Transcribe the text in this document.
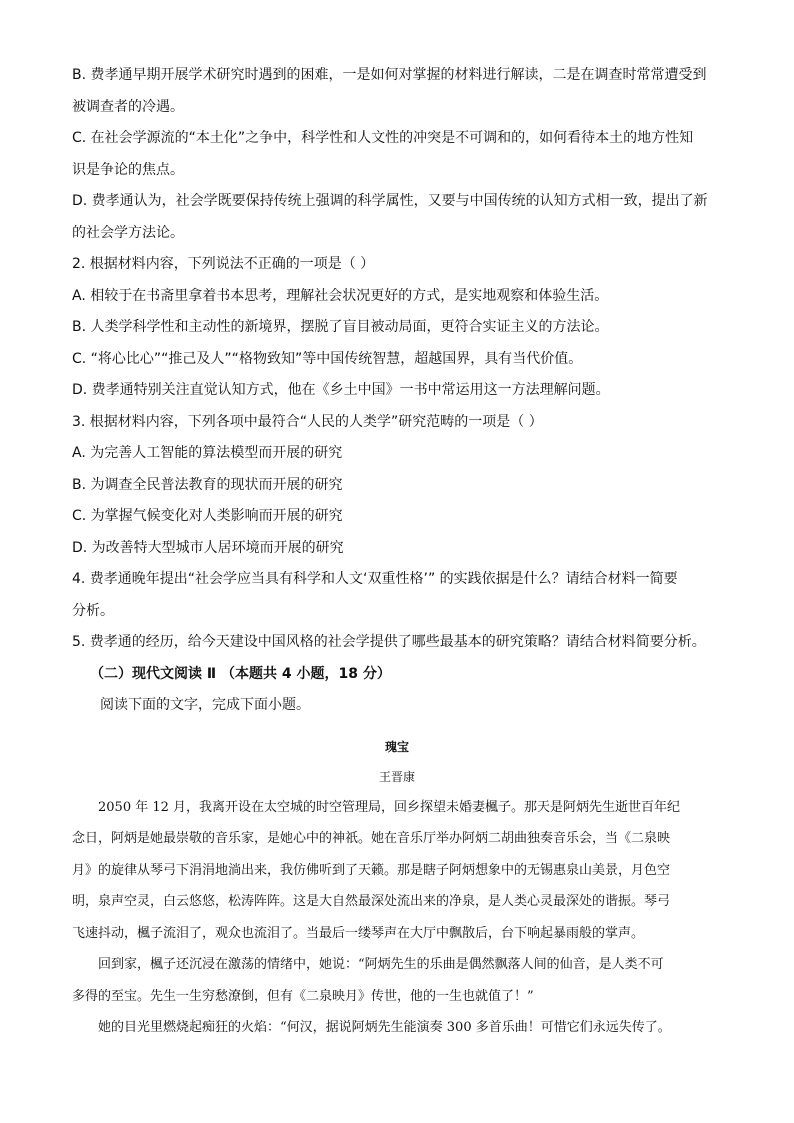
B. 费孝通早期开展学术研究时遇到的困难，一是如何对掌握的材料进行解读，二是在调查时常常遭受到
被调查者的冷遇。
C. 在社会学源流的“本土化”之争中，科学性和人文性的冲突是不可调和的，如何看待本土的地方性知
识是争论的焦点。
D. 费孝通认为，社会学既要保持传统上强调的科学属性，又要与中国传统的认知方式相一致，提出了新
的社会学方法论。
2. 根据材料内容，下列说法不正确的一项是（ ）
A. 相较于在书斋里拿着书本思考，理解社会状况更好的方式，是实地观察和体验生活。
B. 人类学科学性和主动性的新境界，摆脱了盲目被动局面，更符合实证主义的方法论。
C. “将心比心”“推己及人”“格物致知”等中国传统智慧，超越国界，具有当代价值。
D. 费孝通特别关注直觉认知方式，他在《乡土中国》一书中常运用这一方法理解问题。
3. 根据材料内容，下列各项中最符合“人民的人类学”研究范畴的一项是（ ）
A. 为完善人工智能的算法模型而开展的研究
B. 为调查全民普法教育的现状而开展的研究
C. 为掌握气候变化对人类影响而开展的研究
D. 为改善特大型城市人居环境而开展的研究
4. 费孝通晚年提出“社会学应当具有科学和人文‘双重性格’” 的实践依据是什么？请结合材料一简要
分析。
5. 费孝通的经历，给今天建设中国风格的社会学提供了哪些最基本的研究策略？请结合材料简要分析。
（二）现代文阅读 Ⅱ （本题共 4 小题，18 分）
阅读下面的文字，完成下面小题。
瑰宝
王晋康
2050 年 12 月，我离开设在太空城的时空管理局，回乡探望未婚妻楓子。那天是阿炳先生逝世百年纪
念日，阿炳是她最崇敬的音乐家，是她心中的神祇。她在音乐厅举办阿炳二胡曲独奏音乐会，当《二泉映
月》的旋律从琴弓下涓涓地淌出来，我仿佛听到了天籁。那是瞎子阿炳想象中的无锡惠泉山美景，月色空
明，泉声空灵，白云悠悠，松涛阵阵。这是大自然最深处流出来的净泉，是人类心灵最深处的谐振。琴弓
飞速抖动，楓子流泪了，观众也流泪了。当最后一缕琴声在大厅中飘散后，台下响起暴雨般的掌声。
回到家，楓子还沉浸在激荡的情绪中，她说：“阿炳先生的乐曲是偶然飘落人间的仙音，是人类不可
多得的至宝。先生一生穷愁潦倒，但有《二泉映月》传世，他的一生也就值了！”
她的目光里燃烧起痴狂的火焰：“何汉，据说阿炳先生能演奏 300 多首乐曲！可惜它们永远失传了。
